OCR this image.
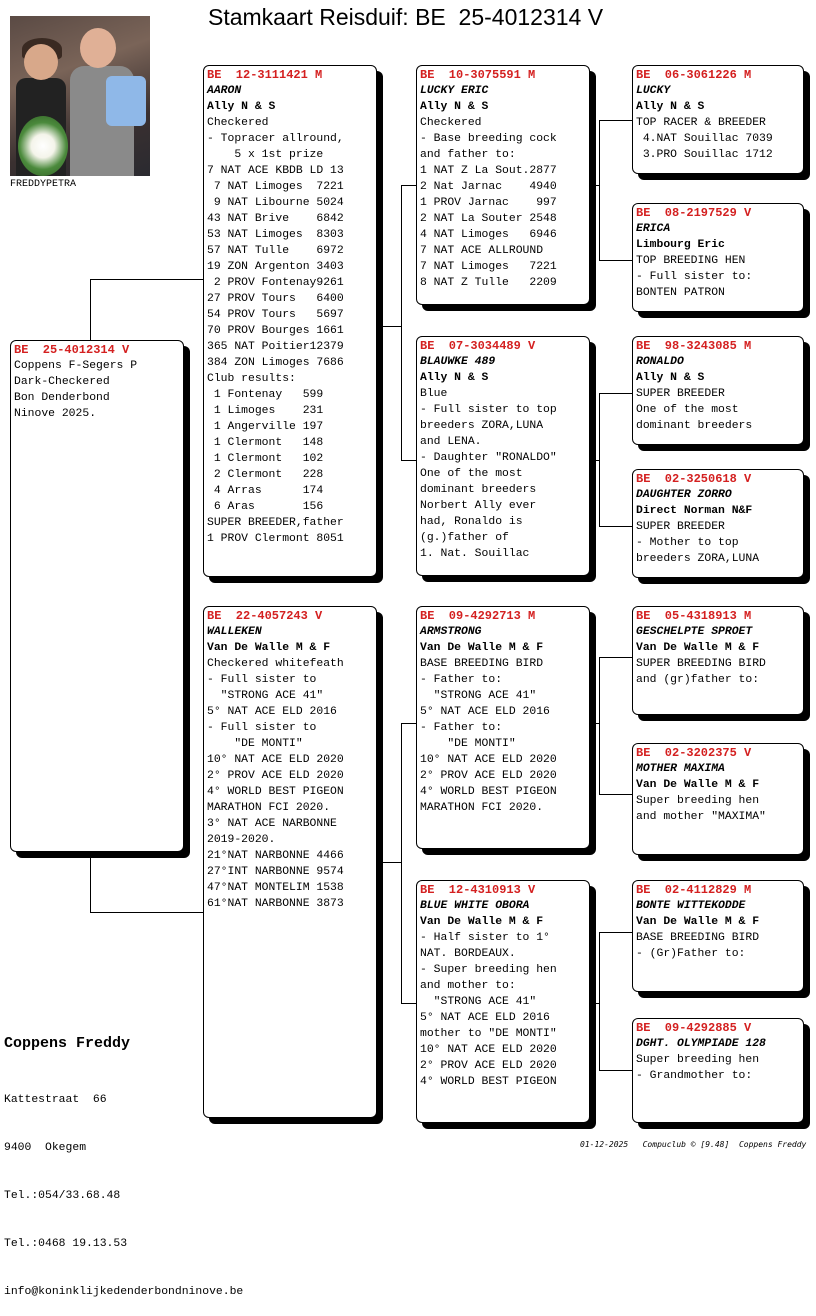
Stamkaart Reisduif: BE  25-4012314 V
FREDDYPETRA
BE  25-4012314 V
Coppens F-Segers P
Dark-Checkered
Bon Denderbond
Ninove 2025.
BE  12-3111421 M
AARON
Ally N & S
Checkered
- Topracer allround,
5 x 1st prize
7 NAT ACE KBDB LD 13
7 NAT Limoges  7221
9 NAT Libourne 5024
43 NAT Brive    6842
53 NAT Limoges  8303
57 NAT Tulle    6972
19 ZON Argenton 3403
2 PROV Fontenay9261
27 PROV Tours   6400
54 PROV Tours   5697
70 PROV Bourges 1661
365 NAT Poitier12379
384 ZON Limoges 7686
Club results:
1 Fontenay   599
1 Limoges    231
1 Angerville 197
1 Clermont   148
1 Clermont   102
2 Clermont   228
4 Arras      174
6 Aras       156
SUPER BREEDER,father
1 PROV Clermont 8051
BE  22-4057243 V
WALLEKEN
Van De Walle M & F
Checkered whitefeath
- Full sister to
"STRONG ACE 41"
5° NAT ACE ELD 2016
- Full sister to
"DE MONTI"
10° NAT ACE ELD 2020
2° PROV ACE ELD 2020
4° WORLD BEST PIGEON
MARATHON FCI 2020.
3° NAT ACE NARBONNE
2019-2020.
21°NAT NARBONNE 4466
27°INT NARBONNE 9574
47°NAT MONTELIM 1538
61°NAT NARBONNE 3873
BE  10-3075591 M
LUCKY ERIC
Ally N & S
Checkered
- Base breeding cock
and father to:
1 NAT Z La Sout.2877
2 Nat Jarnac    4940
1 PROV Jarnac    997
2 NAT La Souter 2548
4 NAT Limoges   6946
7 NAT ACE ALLROUND
7 NAT Limoges   7221
8 NAT Z Tulle   2209
BE  07-3034489 V
BLAUWKE 489
Ally N & S
Blue
- Full sister to top
breeders ZORA,LUNA
and LENA.
- Daughter "RONALDO"
One of the most
dominant breeders
Norbert Ally ever
had, Ronaldo is
(g.)father of
1. Nat. Souillac
BE  09-4292713 M
ARMSTRONG
Van De Walle M & F
BASE BREEDING BIRD
- Father to:
"STRONG ACE 41"
5° NAT ACE ELD 2016
- Father to:
"DE MONTI"
10° NAT ACE ELD 2020
2° PROV ACE ELD 2020
4° WORLD BEST PIGEON
MARATHON FCI 2020.
BE  12-4310913 V
BLUE WHITE OBORA
Van De Walle M & F
- Half sister to 1°
NAT. BORDEAUX.
- Super breeding hen
and mother to:
"STRONG ACE 41"
5° NAT ACE ELD 2016
mother to "DE MONTI"
10° NAT ACE ELD 2020
2° PROV ACE ELD 2020
4° WORLD BEST PIGEON
BE  06-3061226 M
LUCKY
Ally N & S
TOP RACER & BREEDER
4.NAT Souillac 7039
3.PRO Souillac 1712
BE  08-2197529 V
ERICA
Limbourg Eric
TOP BREEDING HEN
- Full sister to:
BONTEN PATRON
BE  98-3243085 M
RONALDO
Ally N & S
SUPER BREEDER
One of the most
dominant breeders
BE  02-3250618 V
DAUGHTER ZORRO
Direct Norman N&F
SUPER BREEDER
- Mother to top
breeders ZORA,LUNA
BE  05-4318913 M
GESCHELPTE SPROET
Van De Walle M & F
SUPER BREEDING BIRD
and (gr)father to:
BE  02-3202375 V
MOTHER MAXIMA
Van De Walle M & F
Super breeding hen
and mother "MAXIMA"
BE  02-4112829 M
BONTE WITTEKODDE
Van De Walle M & F
BASE BREEDING BIRD
- (Gr)Father to:
BE  09-4292885 V
DGHT. OLYMPIADE 128
Super breeding hen
- Grandmother to:
Coppens Freddy

Kattestraat  66

9400  Okegem

Tel.:054/33.68.48

Tel.:0468 19.13.53

info@koninklijkedenderbondninove.be

01-12-2025   Compuclub © [9.48]  Coppens Freddy
